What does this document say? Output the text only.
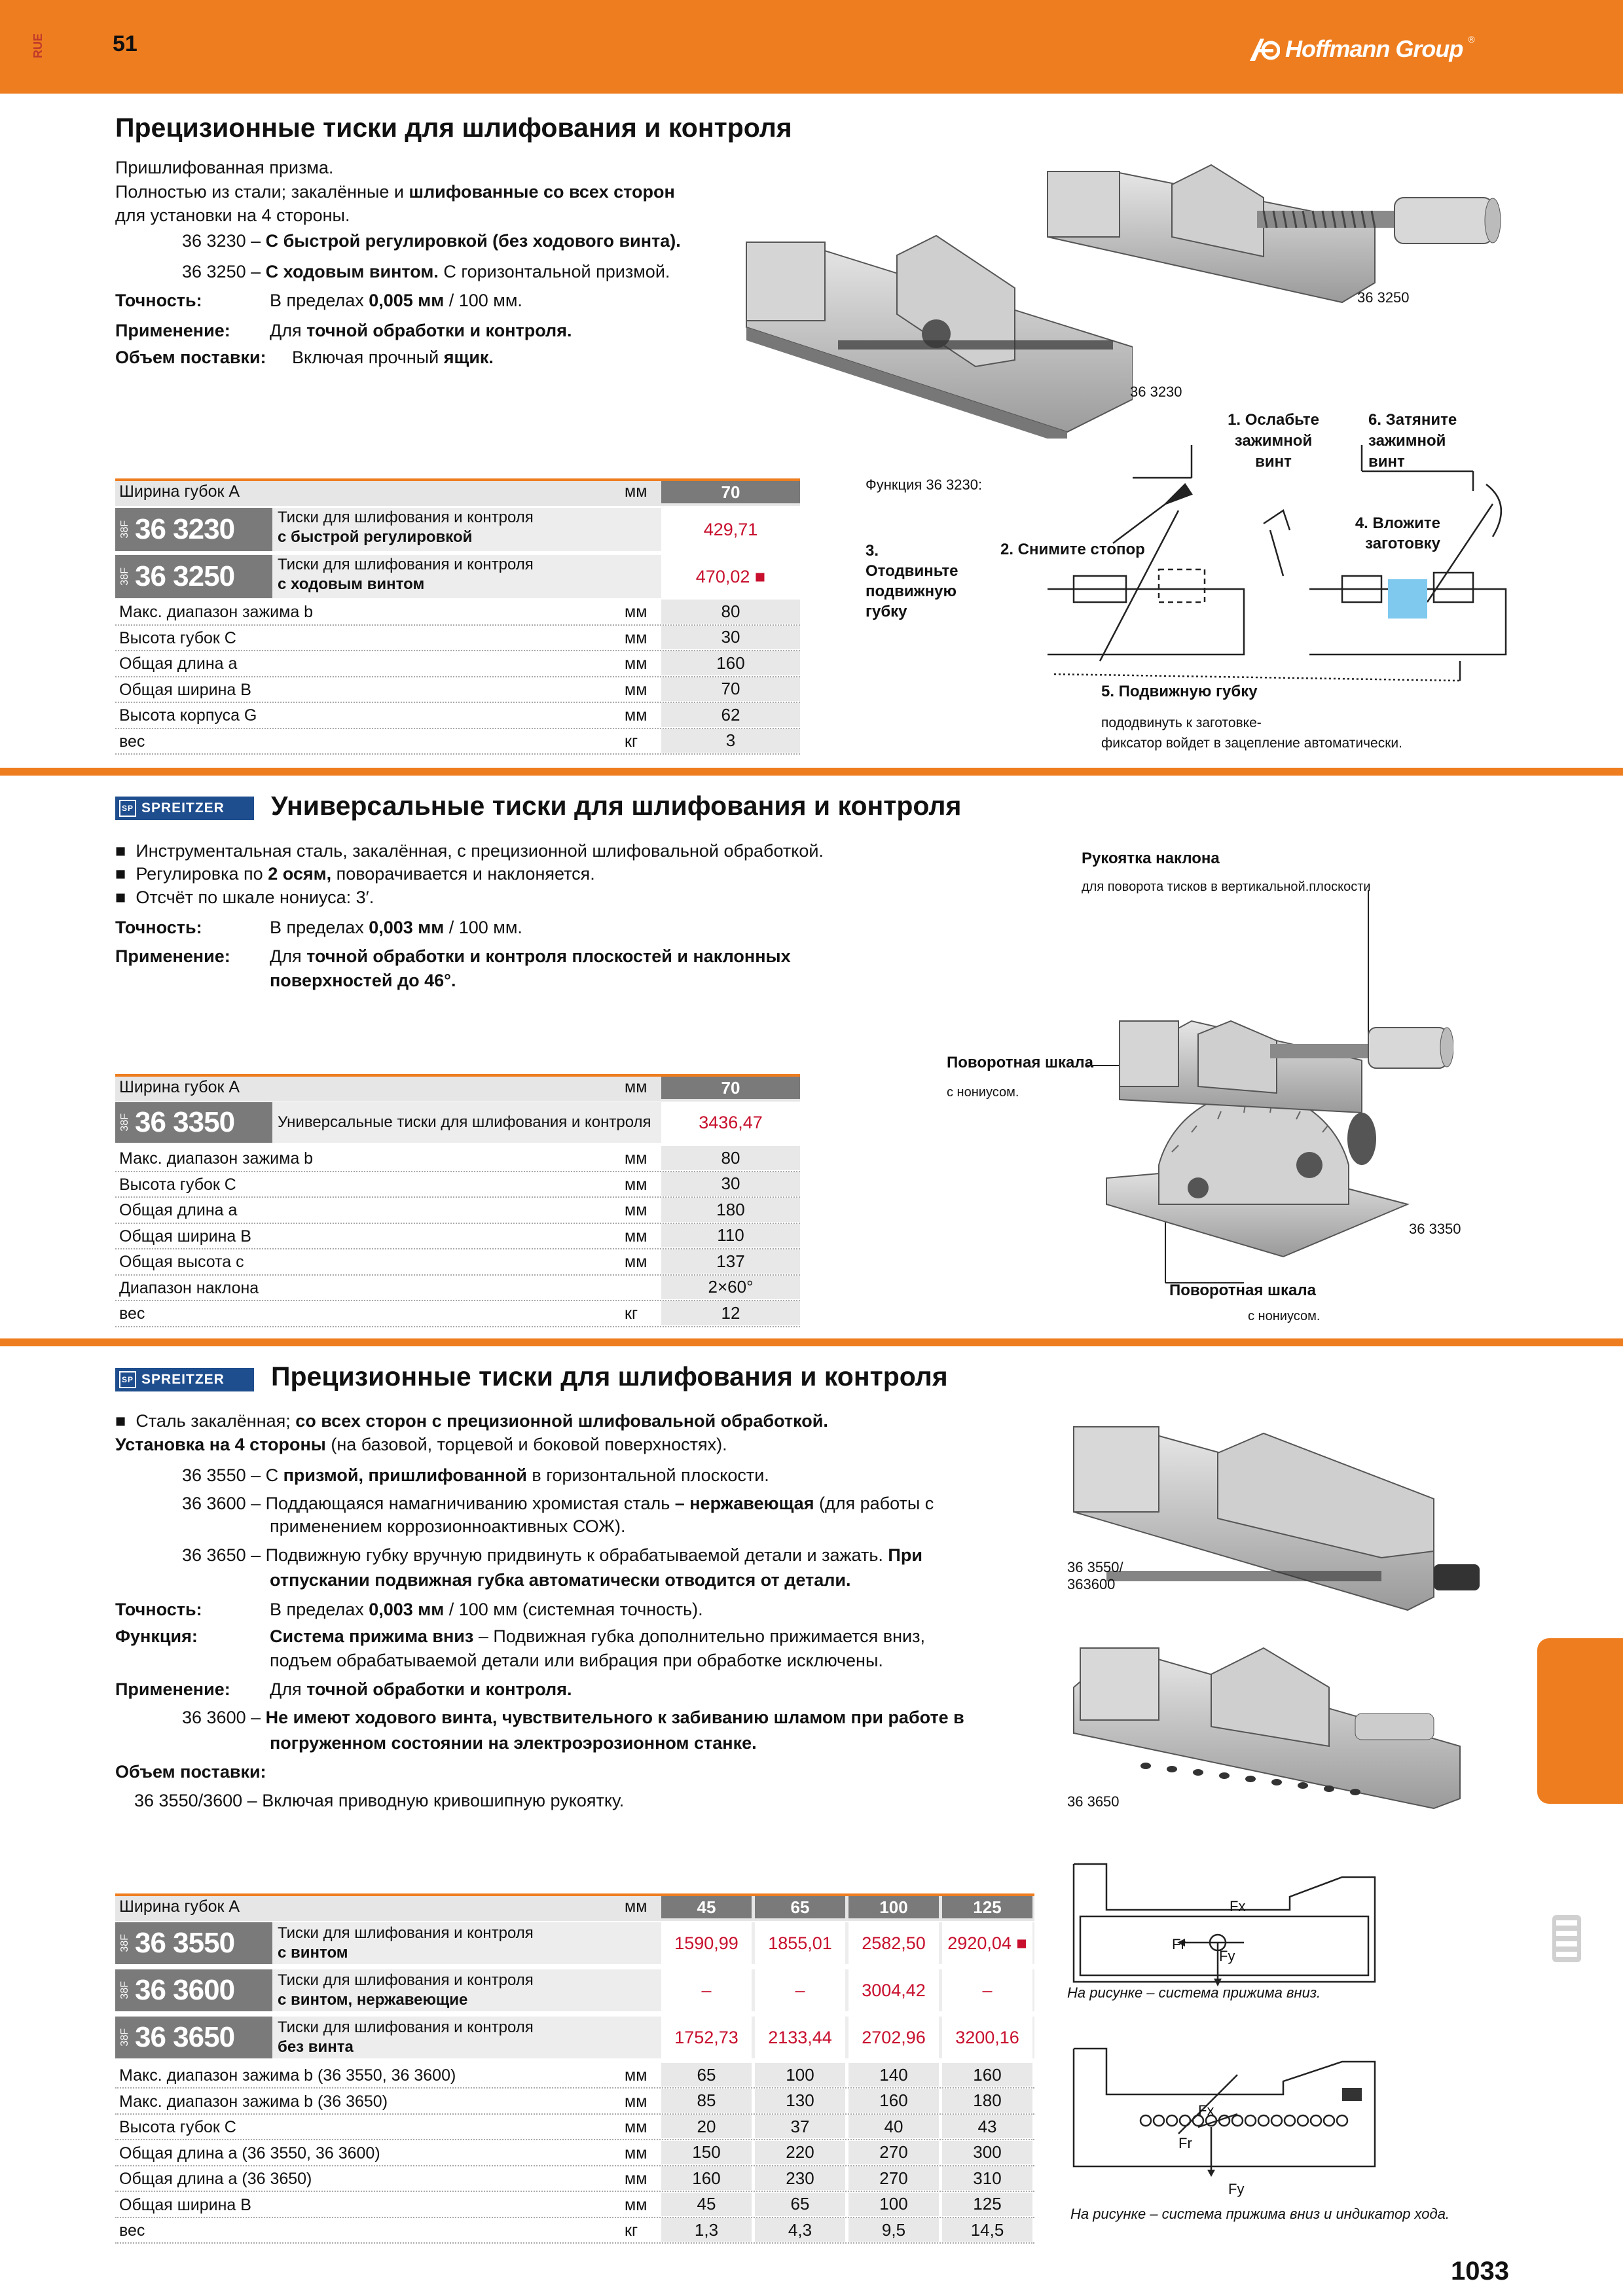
RUE	51	Hoffmann Group ®
Прецизионные тиски для шлифования и контроля
Пришлифованная призма.
Полностью из стали; закалённые и шлифованные со всех сторон
для установки на 4 стороны.
36 3230 – С быстрой регулировкой (без ходового винта).
36 3250 – С ходовым винтом. С горизонтальной призмой.
Точность:	В пределах 0,005 мм / 100 мм.
Применение: Для точной обработки и контроля.
Объем поставки: Включая прочный ящик.
36 3250
36 3230
1. Ослабьте зажимной винт
6. Затяните зажимной винт
Функция 36 3230:
3. Отодвиньте подвижную губку
2. Снимите стопор
4. Вложите заготовку
5. Подвижную губку
пододвинуть к заготовке-
фиксатор войдет в зацепление автоматически.
Ширина губок A	мм	70
38F 36 3230	Тиски для шлифования и контроля
с быстрой регулировкой	429,71
38F 36 3250	Тиски для шлифования и контроля
с ходовым винтом	470,02
■
Макс. диапазон зажима b	мм	80
Высота губок C	мм	30
Общая длина a	мм	160
Общая ширина B	мм	70
Высота корпуса G	мм	62
вес	кг	3
SP SPREITZER Универсальные тиски для шлифования и контроля
■  Инструментальная сталь, закалённая, с прецизионной шлифовальной обработкой.
■  Регулировка по 2 осям, поворачивается и наклоняется.
■  Отсчёт по шкале нониуса: 3′.
Точность:	В пределах 0,003 мм / 100 мм.
Применение: Для точной обработки и контроля плоскостей и наклонных
поверхностей до 46°.
Рукоятка наклона
для поворота тисков в вертикальной.плоскости
Поворотная шкала
с нониусом.
36 3350
Поворотная шкала
с нониусом.
Ширина губок A	мм	70
38F 36 3350	Универсальные тиски для шлифования и контроля	3436,47
Макс. диапазон зажима b	мм	80
Высота губок C	мм	30
Общая длина a	мм	180
Общая ширина B	мм	110
Общая высота c	мм	137
Диапазон наклона	2×60°
вес	кг	12
SP SPREITZER Прецизионные тиски для шлифования и контроля
■  Сталь закалённая; со всех сторон с прецизионной шлифовальной обработкой.
Установка на 4 стороны (на базовой, торцевой и боковой поверхностях).
36 3550 – С призмой, пришлифованной в горизонтальной плоскости.
36 3600 – Поддающаяся намагничиванию хромистая сталь – нержавеющая (для работы с
применением коррозионноактивных СОЖ).
36 3650 – Подвижную губку вручную придвинуть к обрабатываемой детали и зажать. При
отпускании подвижная губка автоматически отводится от детали.
Точность:	В пределах 0,003 мм / 100 мм (системная точность).
Функция:	Система прижима вниз – Подвижная губка дополнительно прижимается вниз,
подъем обрабатываемой детали или вибрация при обработке исключены.
Применение: Для точной обработки и контроля.
36 3600 – Не имеют ходового винта, чувствительного к забиванию шламом при работе в
погруженном состоянии на электроэрозионном станке.
Объем поставки:
36 3550/3600 – Включая приводную кривошипную рукоятку.
36 3550/
363600
36 3650
Fx
Fr
Fy
На рисунке – система прижима вниз.
Fx
Fr
Fy
На рисунке – система прижима вниз и индикатор хода.
Ширина губок A	мм	45	65	100	125
38F 36 3550	Тиски для шлифования и контроля
с винтом	1590,99 1855,01 2582,50 2920,04
■
38F 36 3600	Тиски для шлифования и контроля
с винтом, нержавеющие	–	–	3004,42	–
38F 36 3650	Тиски для шлифования и контроля
без винта	1752,73 2133,44 2702,96 3200,16
Макс. диапазон зажима b (36 3550, 36 3600)	мм	65	100	140	160
Макс. диапазон зажима b (36 3650)	мм	85	130	160	180
Высота губок C	мм	20	37	40	43
Общая длина a (36 3550, 36 3600)	мм	150	220	270	300
Общая длина a (36 3650)	мм	160	230	270	310
Общая ширина B	мм	45	65	100	125
вес	кг	1,3	4,3	9,5	14,5
1033
